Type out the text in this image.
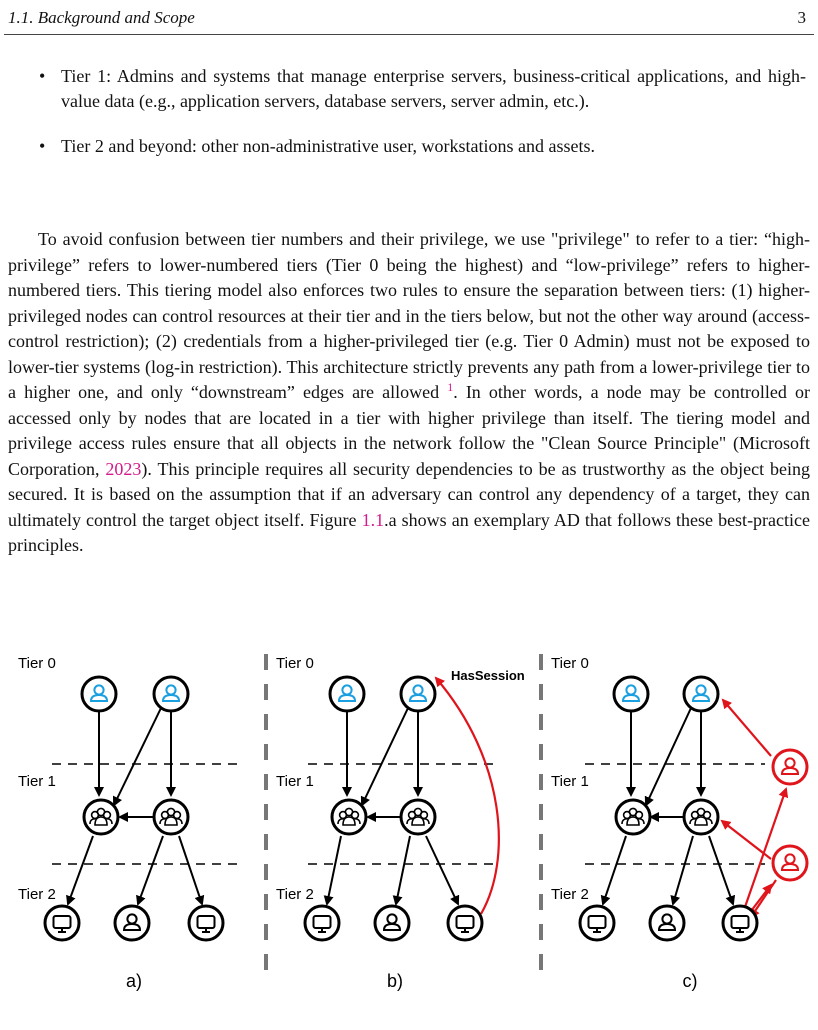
1.1. Background and Scope	3
• Tier 1: Admins and systems that manage enterprise servers, business-critical applications, and high-value data (e.g., application servers, database servers, server admin, etc.).
• Tier 2 and beyond: other non-administrative user, workstations and assets.
To avoid confusion between tier numbers and their privilege, we use "privilege" to refer to a tier: “high-privilege” refers to lower-numbered tiers (Tier 0 being the highest) and “low-privilege” refers to higher-numbered tiers. This tiering model also enforces two rules to ensure the separation between tiers: (1) higher-privileged nodes can control resources at their tier and in the tiers below, but not the other way around (access-control restriction); (2) credentials from a higher-privileged tier (e.g. Tier 0 Admin) must not be exposed to lower-tier systems (log-in restriction). This architecture strictly prevents any path from a lower-privilege tier to a higher one, and only “downstream” edges are allowed $^1$. In other words, a node may be controlled or accessed only by nodes that are located in a tier with higher privilege than itself. The tiering model and privilege access rules ensure that all objects in the network follow the "Clean Source Principle" (Microsoft Corporation, 2023). This principle requires all security dependencies to be as trustworthy as the object being secured. It is based on the assumption that if an adversary can control any dependency of a target, they can ultimately control the target object itself. Figure 1.1.a shows an exemplary AD that follows these best-practice principles.
Tier 0
Tier 1
Tier 2
a)
Tier 0
Tier 1
Tier 2
HasSession
b)
Tier 0
Tier 1
Tier 2
c)
